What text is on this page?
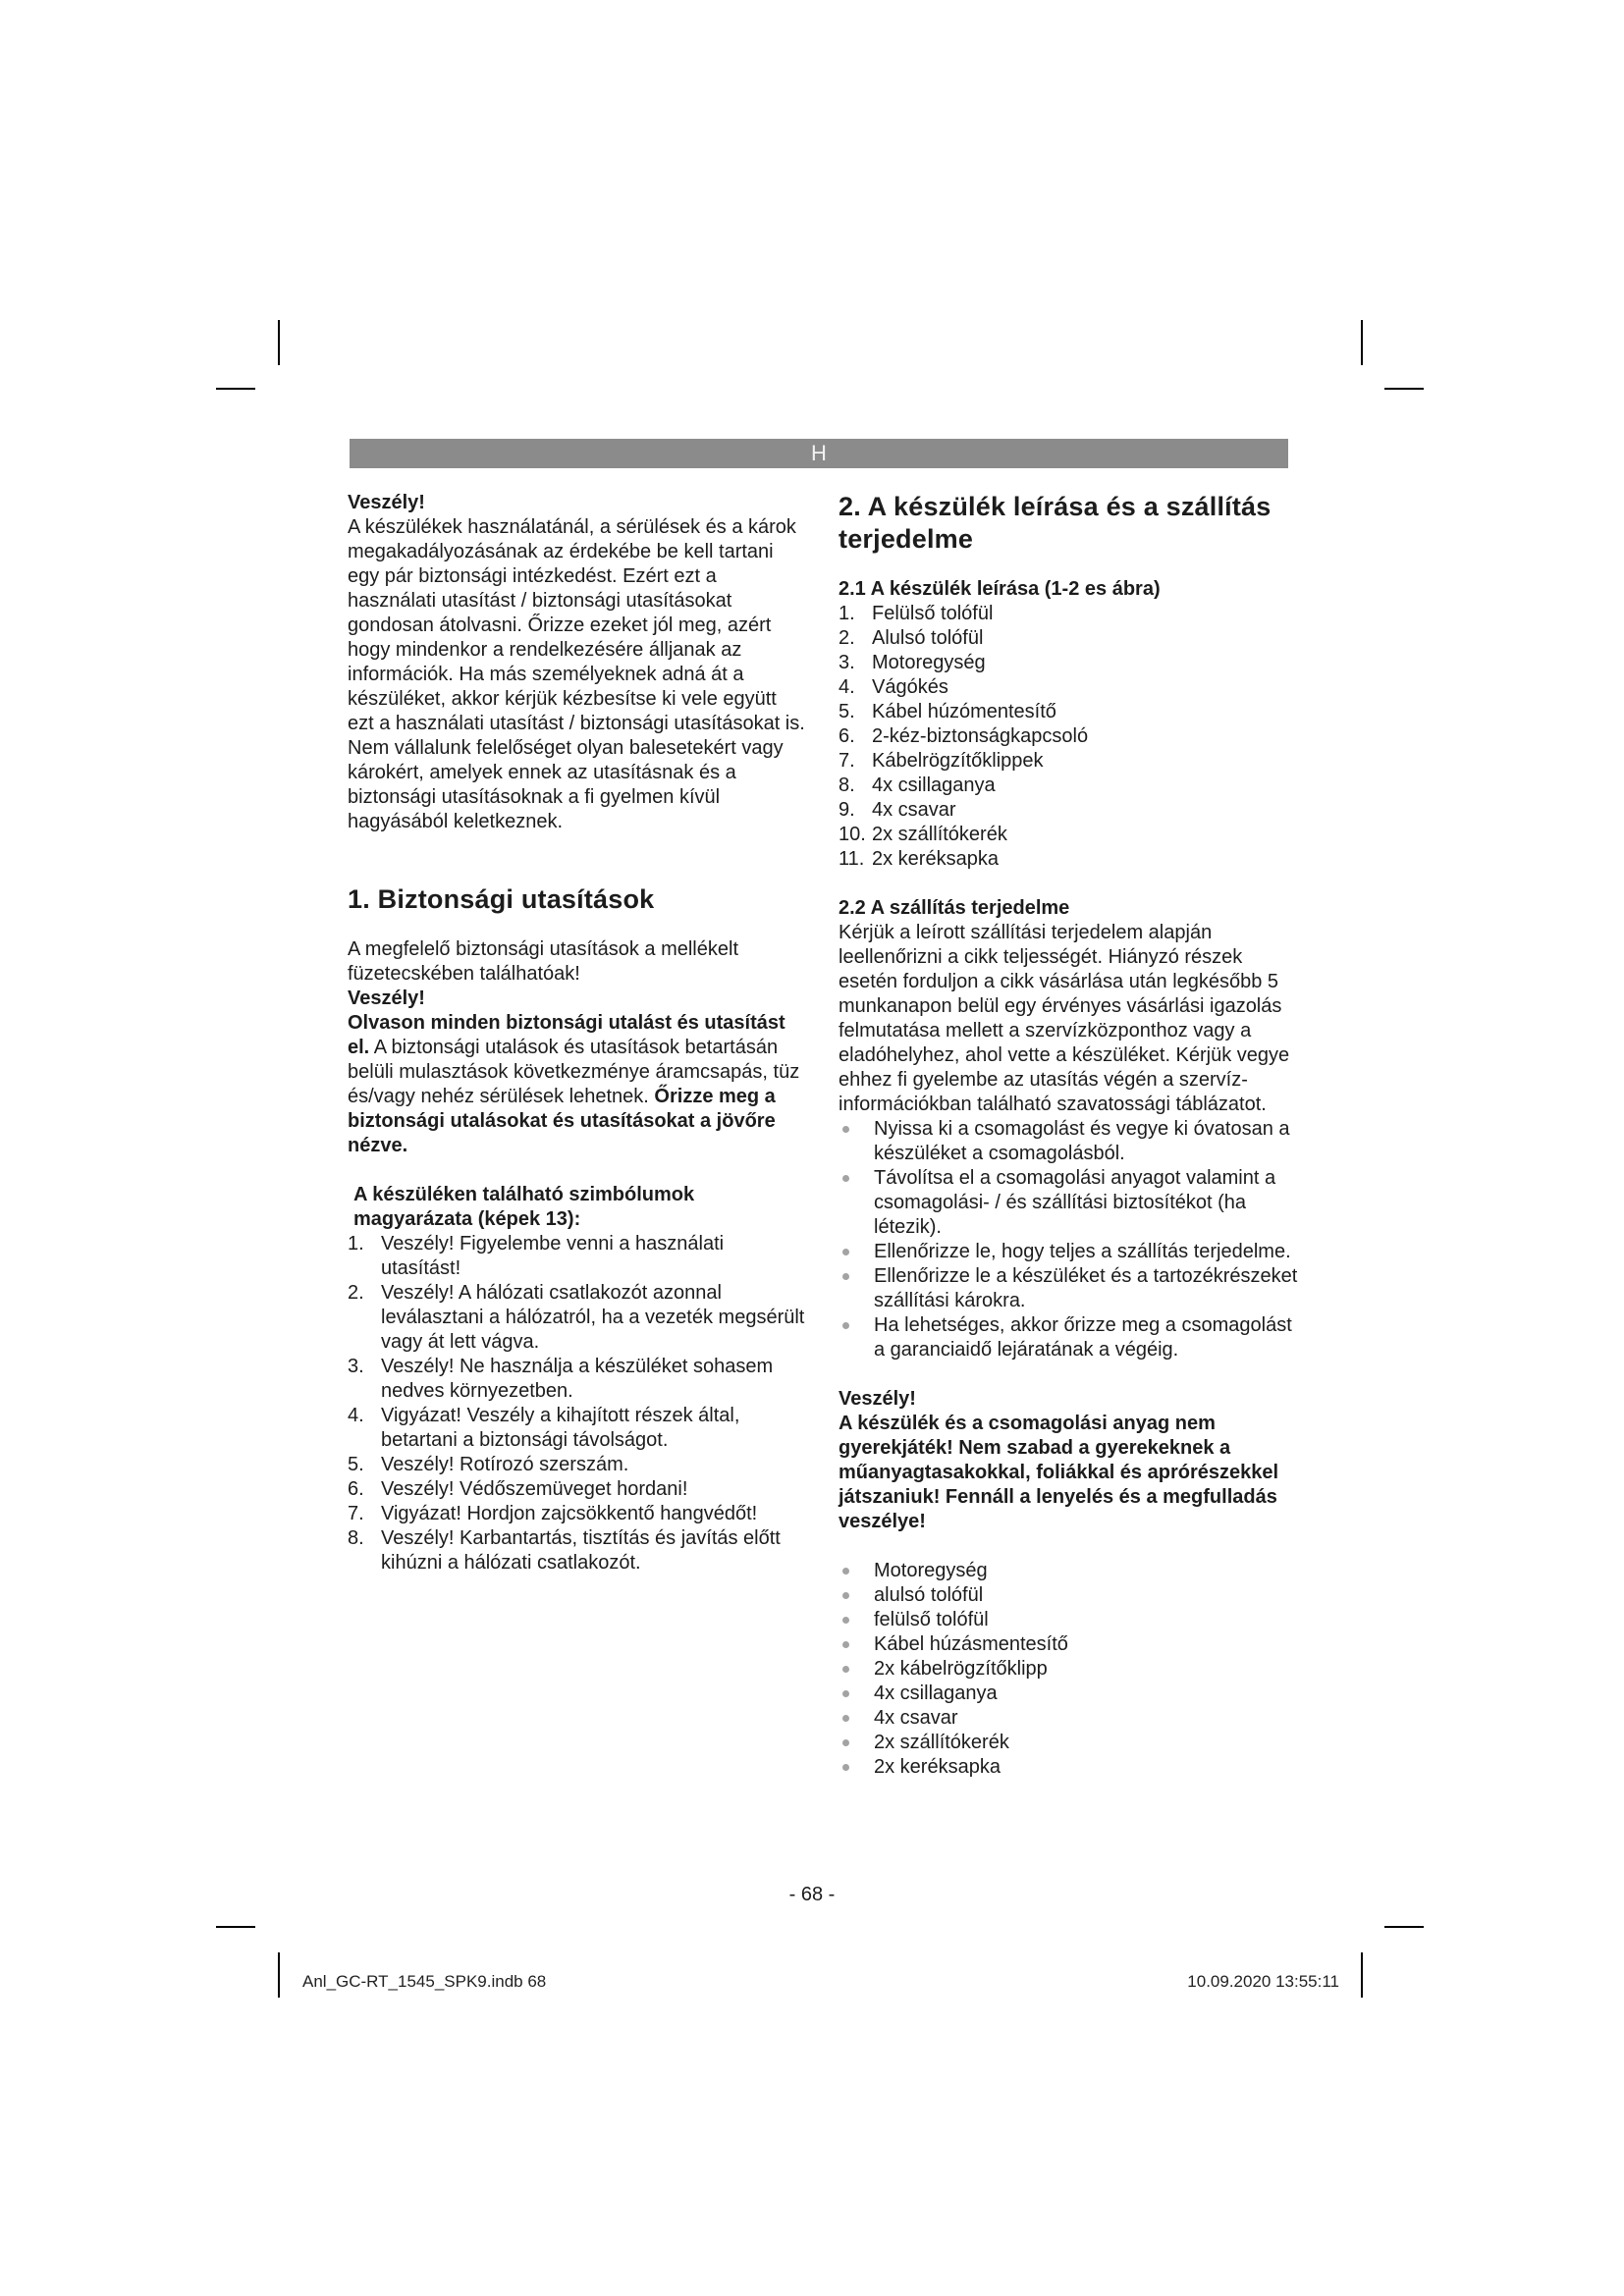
H

Veszély!

A készülékek használatánál, a sérülések és a károk megakadályozásának az érdekébe be kell tartani egy pár biztonsági intézkedést. Ezért ezt a használati utasítást / biztonsági utasításokat gondosan átolvasni. Őrizze ezeket jól meg, azért hogy mindenkor a rendelkezésére álljanak az információk. Ha más személyeknek adná át a készüléket, akkor kérjük kézbesítse ki vele együtt ezt a használati utasítást / biztonsági utasításokat is. Nem vállalunk felelőséget olyan balesetekért vagy károkért, amelyek ennek az utasításnak és a biztonsági utasításoknak a fi gyelmen kívül hagyásából keletkeznek.

1. Biztonsági utasítások

A megfelelő biztonsági utasítások a mellékelt füzetecskében találhatóak!

Veszély!

Olvason minden biztonsági utalást és utasítást el. A biztonsági utalások és utasítások betartásán belüli mulasztások következménye áramcsapás, tüz és/vagy nehéz sérülések lehetnek. Őrizze meg a biztonsági utalásokat és utasításokat a jövőre nézve.

A készüléken található szimbólumok magyarázata (képek 13):

1. Veszély! Figyelembe venni a használati utasítást!
2. Veszély! A hálózati csatlakozót azonnal leválasztani a hálózatról, ha a vezeték megsérült vagy át lett vágva.
3. Veszély! Ne használja a készüléket sohasem nedves környezetben.
4. Vigyázat! Veszély a kihajított részek által, betartani a biztonsági távolságot.
5. Veszély! Rotírozó szerszám.
6. Veszély! Védőszemüveget hordani!
7. Vigyázat! Hordjon zajcsökkentő hangvédőt!
8. Veszély! Karbantartás, tisztítás és javítás előtt kihúzni a hálózati csatlakozót.

2. A készülék leírása és a szállítás terjedelme

2.1 A készülék leírása (1-2 es ábra)

1. Felülső tolófül
2. Alulsó tolófül
3. Motoregység
4. Vágókés
5. Kábel húzómentesítő
6. 2-kéz-biztonságkapcsoló
7. Kábelrögzítőklippek
8. 4x csillaganya
9. 4x csavar
10. 2x szállítókerék
11. 2x keréksapka

2.2 A szállítás terjedelme

Kérjük a leírott szállítási terjedelem alapján leellenőrizni a cikk teljességét. Hiányzó részek esetén forduljon a cikk vásárlása után legkésőbb 5 munkanapon belül egy érvényes vásárlási igazolás felmutatása mellett a szervízközponthoz vagy a eladóhelyhez, ahol vette a készüléket. Kérjük vegye ehhez fi gyelembe az utasítás végén a szervíz-információkban található szavatossági táblázatot.

Nyissa ki a csomagolást és vegye ki óvatosan a készüléket a csomagolásból.
Távolítsa el a csomagolási anyagot valamint a csomagolási- / és szállítási biztosítékot (ha létezik).
Ellenőrizze le, hogy teljes a szállítás terjedelme.
Ellenőrizze le a készüléket és a tartozékrészeket szállítási károkra.
Ha lehetséges, akkor őrizze meg a csomagolást a garanciaidő lejáratának a végéig.

Veszély!

A készülék és a csomagolási anyag nem gyerekjáték! Nem szabad a gyerekeknek a műanyagtasakokkal, foliákkal és aprórészekkel játszaniuk! Fennáll a lenyelés és a megfulladás veszélye!

Motoregység
alulsó tolófül
felülső tolófül
Kábel húzásmentesítő
2x kábelrögzítőklipp
4x csillaganya
4x csavar
2x szállítókerék
2x keréksapka
- 68 -
Anl_GC-RT_1545_SPK9.indb 68	10.09.2020 13:55:11
